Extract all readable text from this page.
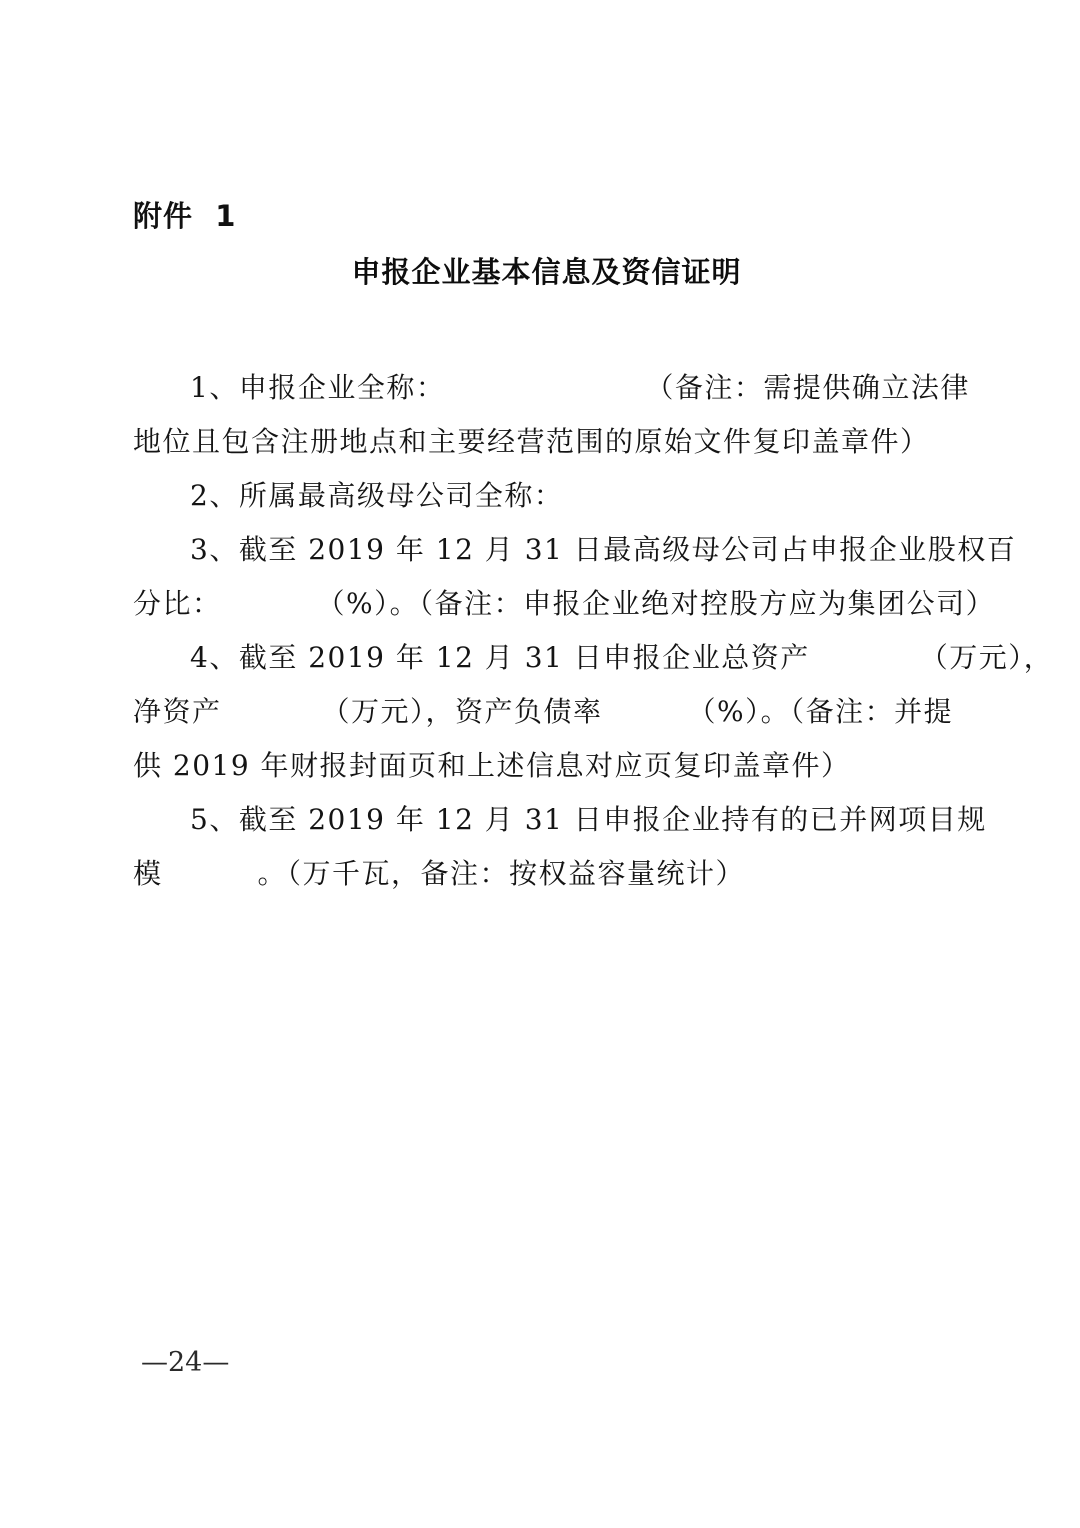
附件  1
申报企业基本信息及资信证明
1、申报企业全称：	（备注：需提供确立法律
地位且包含注册地点和主要经营范围的原始文件复印盖章件）
2、所属最高级母公司全称：
3、截至 2019 年 12 月 31 日最高级母公司占申报企业股权百
分比：	（%）。（备注：申报企业绝对控股方应为集团公司）
4、截至 2019 年 12 月 31 日申报企业总资产	（万元），
净资产	（万元），资产负债率	（%）。（备注：并提
供 2019 年财报封面页和上述信息对应页复印盖章件）
5、截至 2019 年 12 月 31 日申报企业持有的已并网项目规
模	。（万千瓦，备注：按权益容量统计）
—24—
